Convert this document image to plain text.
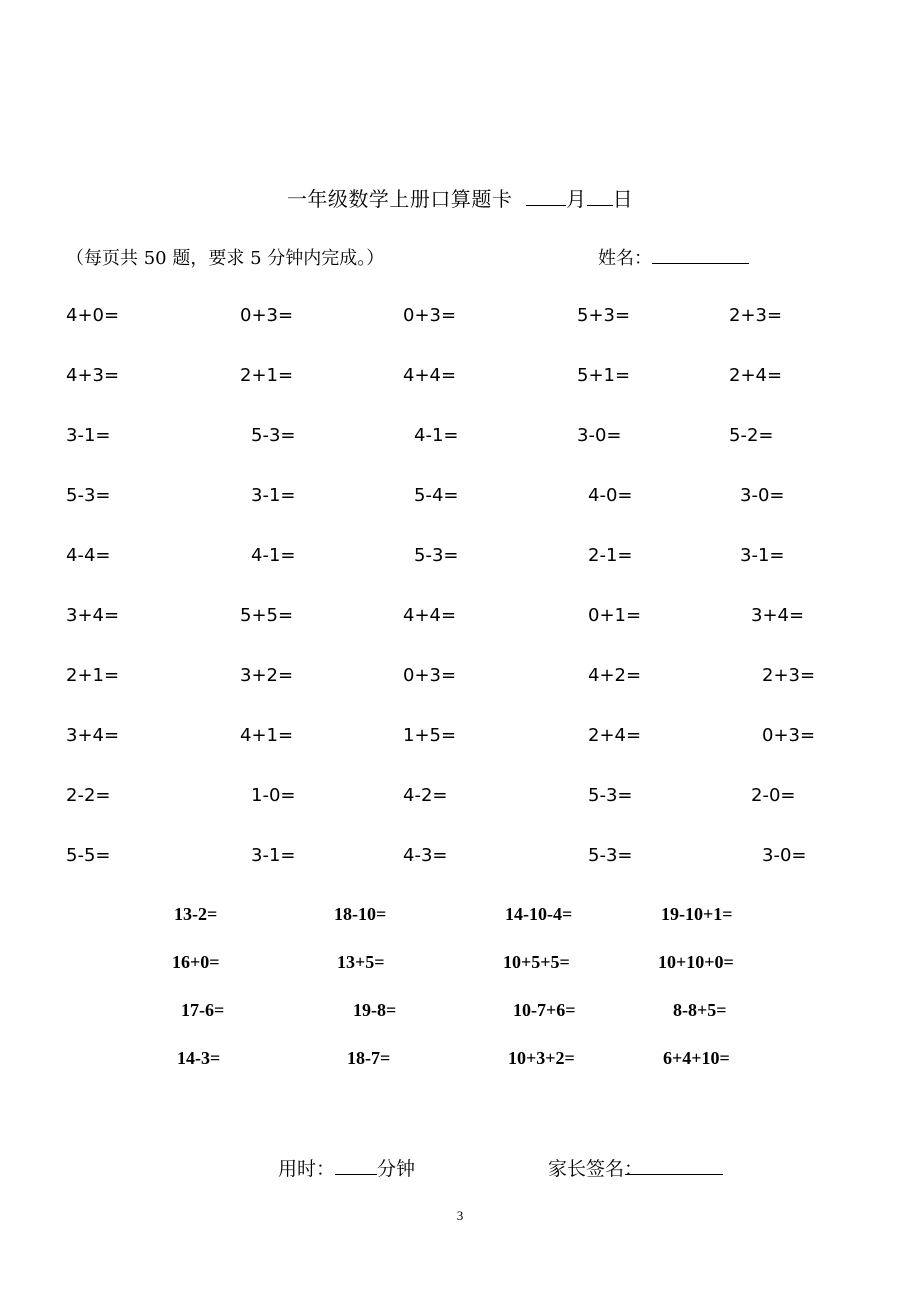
一年级数学上册口算题卡	月 日
（每页共 50 题，要求 5 分钟内完成。）	姓名：
4+0=	0+3=	0+3=	5+3=	2+3=
4+3=	2+1=	4+4=	5+1=	2+4=
3-1=	5-3=	4-1=	3-0=	5-2=
5-3=	3-1=	5-4=	4-0=	3-0=
4-4=	4-1=	5-3=	2-1=	3-1=
3+4=	5+5=	4+4=	0+1=	3+4=
2+1=	3+2=	0+3=	4+2=	2+3=
3+4=	4+1=	1+5=	2+4=	0+3=
2-2=	1-0=	4-2=	5-3=	2-0=
5-5=	3-1=	4-3=	5-3=	3-0=
13-2=	18-10=	14-10-4=	19-10+1=
16+0=	13+5=	10+5+5=	10+10+0=
17-6=	19-8=	10-7+6=	8-8+5=
14-3=	18-7=	10+3+2=	6+4+10=
用时： 分钟	家长签名：
3
